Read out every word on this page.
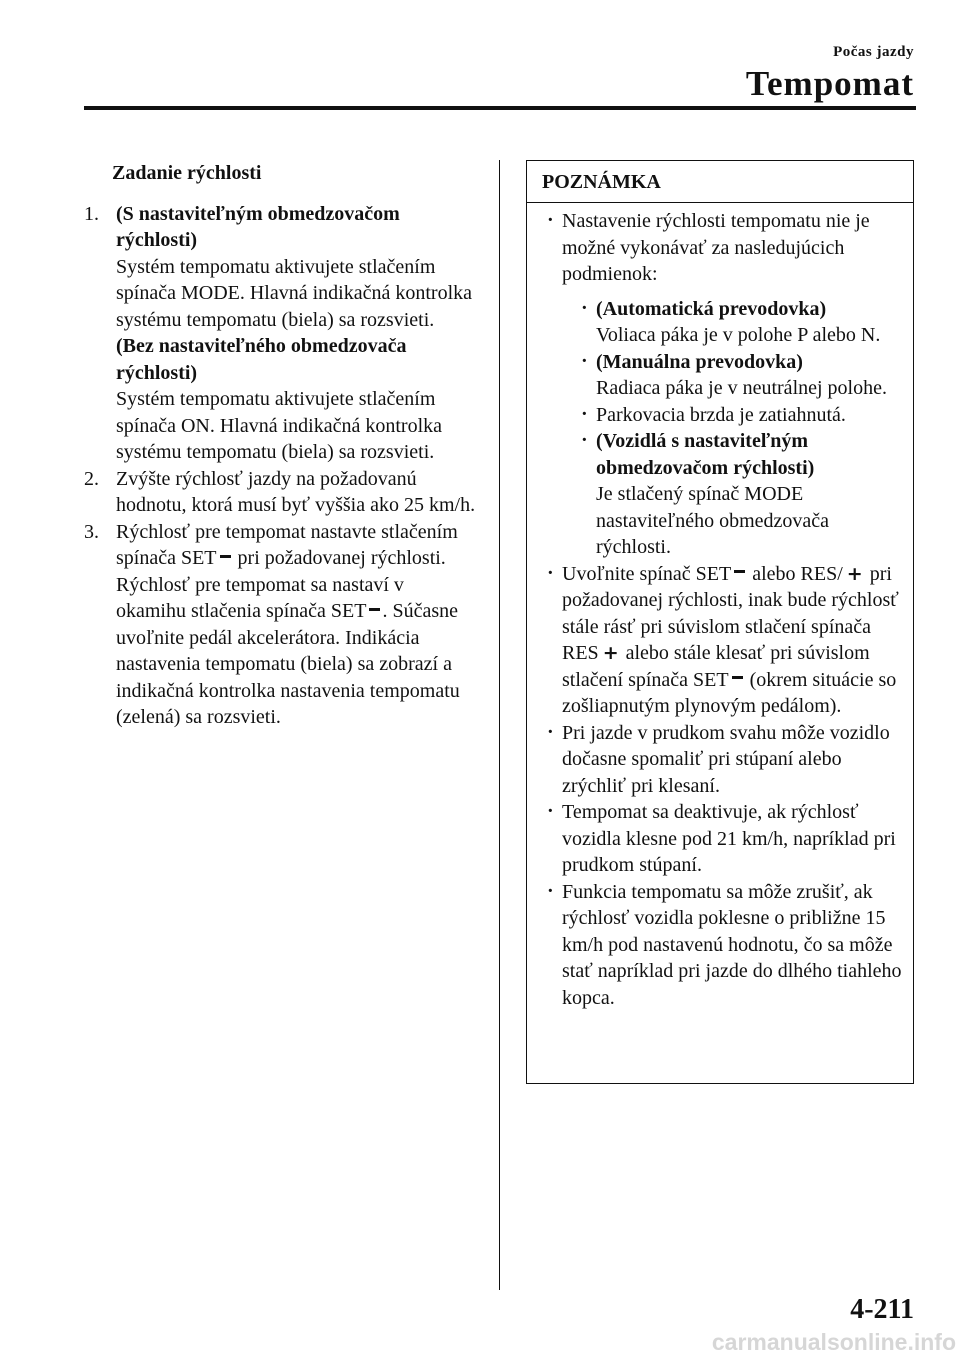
Počas jazdy
Tempomat
Zadanie rýchlosti
1. (S nastaviteľným obmedzovačom rýchlosti)
Systém tempomatu aktivujete stlačením spínača MODE. Hlavná indikačná kontrolka systému tempomatu (biela) sa rozsvieti.
(Bez nastaviteľného obmedzovača rýchlosti)
Systém tempomatu aktivujete stlačením spínača ON. Hlavná indikačná kontrolka systému tempomatu (biela) sa rozsvieti.
2. Zvýšte rýchlosť jazdy na požadovanú hodnotu, ktorá musí byť vyššia ako 25 km/h.
3. Rýchlosť pre tempomat nastavte stlačením spínača SET pri požadovanej rýchlosti. Rýchlosť pre tempomat sa nastaví v okamihu stlačenia spínača SET . Súčasne uvoľnite pedál akcelerátora. Indikácia nastavenia tempomatu (biela) sa zobrazí a indikačná kontrolka nastavenia tempomatu (zelená) sa rozsvieti.
POZNÁMKA
· Nastavenie rýchlosti tempomatu nie je možné vykonávať za nasledujúcich podmienok:
· (Automatická prevodovka)
Voliaca páka je v polohe P alebo N.
· (Manuálna prevodovka)
Radiaca páka je v neutrálnej polohe.
· Parkovacia brzda je zatiahnutá.
· (Vozidlá s nastaviteľným obmedzovačom rýchlosti)
Je stlačený spínač MODE nastaviteľného obmedzovača rýchlosti.
· Uvoľnite spínač SET alebo RES/ + pri požadovanej rýchlosti, inak bude rýchlosť stále rásť pri súvislom stlačení spínača RES + alebo stále klesať pri súvislom stlačení spínača SET (okrem situácie so zošliapnutým plynovým pedálom).
· Pri jazde v prudkom svahu môže vozidlo dočasne spomaliť pri stúpaní alebo zrýchliť pri klesaní.
· Tempomat sa deaktivuje, ak rýchlosť vozidla klesne pod 21 km/h, napríklad pri prudkom stúpaní.
· Funkcia tempomatu sa môže zrušiť, ak rýchlosť vozidla poklesne o približne 15 km/h pod nastavenú hodnotu, čo sa môže stať napríklad pri jazde do dlhého tiahleho kopca.
4-211
carmanualsonline.info
